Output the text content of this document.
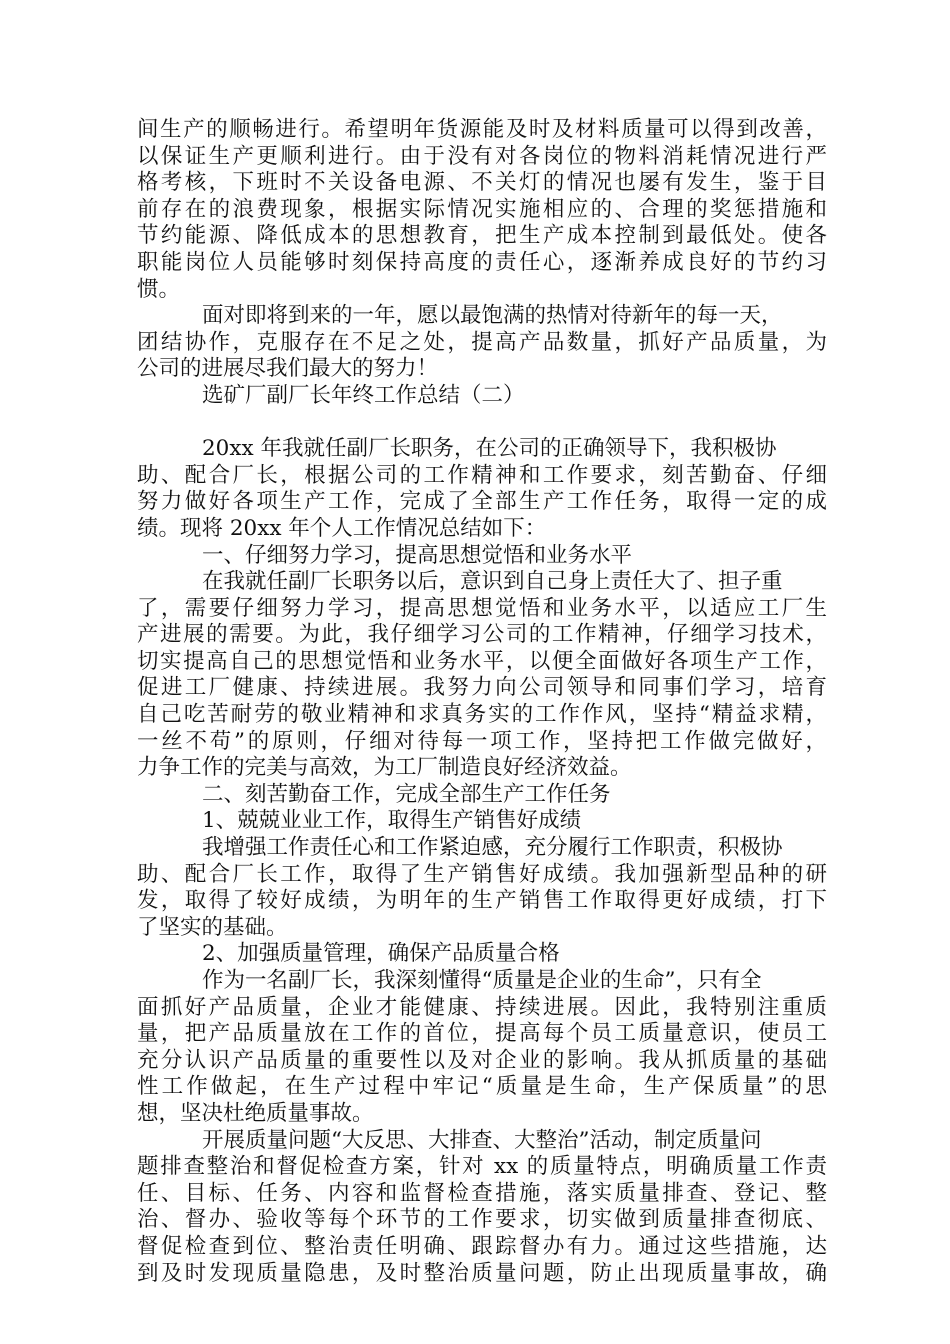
间生产的顺畅进行。希望明年货源能及时及材料质量可以得到改善，
以保证生产更顺利进行。由于没有对各岗位的物料消耗情况进行严
格考核，下班时不关设备电源、不关灯的情况也屡有发生，鉴于目
前存在的浪费现象，根据实际情况实施相应的、合理的奖惩措施和
节约能源、降低成本的思想教育，把生产成本控制到最低处。使各
职能岗位人员能够时刻保持高度的责任心，逐渐养成良好的节约习
惯。
面对即将到来的一年，愿以最饱满的热情对待新年的每一天，
团结协作，克服存在不足之处，提高产品数量，抓好产品质量，为
公司的进展尽我们最大的努力！
选矿厂副厂长年终工作总结（二）
20xx 年我就任副厂长职务，在公司的正确领导下，我积极协
助、配合厂长，根据公司的工作精神和工作要求，刻苦勤奋、仔细
努力做好各项生产工作，完成了全部生产工作任务，取得一定的成
绩。现将 20xx 年个人工作情况总结如下：
一、仔细努力学习，提高思想觉悟和业务水平
在我就任副厂长职务以后，意识到自己身上责任大了、担子重
了，需要仔细努力学习，提高思想觉悟和业务水平，以适应工厂生
产进展的需要。为此，我仔细学习公司的工作精神，仔细学习技术，
切实提高自己的思想觉悟和业务水平，以便全面做好各项生产工作，
促进工厂健康、持续进展。我努力向公司领导和同事们学习，培育
自己吃苦耐劳的敬业精神和求真务实的工作作风，坚持“精益求精，
一丝不苟”的原则，仔细对待每一项工作，坚持把工作做完做好，
力争工作的完美与高效，为工厂制造良好经济效益。
二、刻苦勤奋工作，完成全部生产工作任务
1、兢兢业业工作，取得生产销售好成绩
我增强工作责任心和工作紧迫感，充分履行工作职责，积极协
助、配合厂长工作，取得了生产销售好成绩。我加强新型品种的研
发，取得了较好成绩，为明年的生产销售工作取得更好成绩，打下
了坚实的基础。
2、加强质量管理，确保产品质量合格
作为一名副厂长，我深刻懂得“质量是企业的生命”，只有全
面抓好产品质量，企业才能健康、持续进展。因此，我特别注重质
量，把产品质量放在工作的首位，提高每个员工质量意识，使员工
充分认识产品质量的重要性以及对企业的影响。我从抓质量的基础
性工作做起，在生产过程中牢记“质量是生命，生产保质量”的思
想，坚决杜绝质量事故。
开展质量问题“大反思、大排查、大整治”活动，制定质量问
题排查整治和督促检查方案，针对 xx 的质量特点，明确质量工作责
任、目标、任务、内容和监督检查措施，落实质量排查、登记、整
治、督办、验收等每个环节的工作要求，切实做到质量排查彻底、
督促检查到位、整治责任明确、跟踪督办有力。通过这些措施，达
到及时发现质量隐患，及时整治质量问题，防止出现质量事故，确
